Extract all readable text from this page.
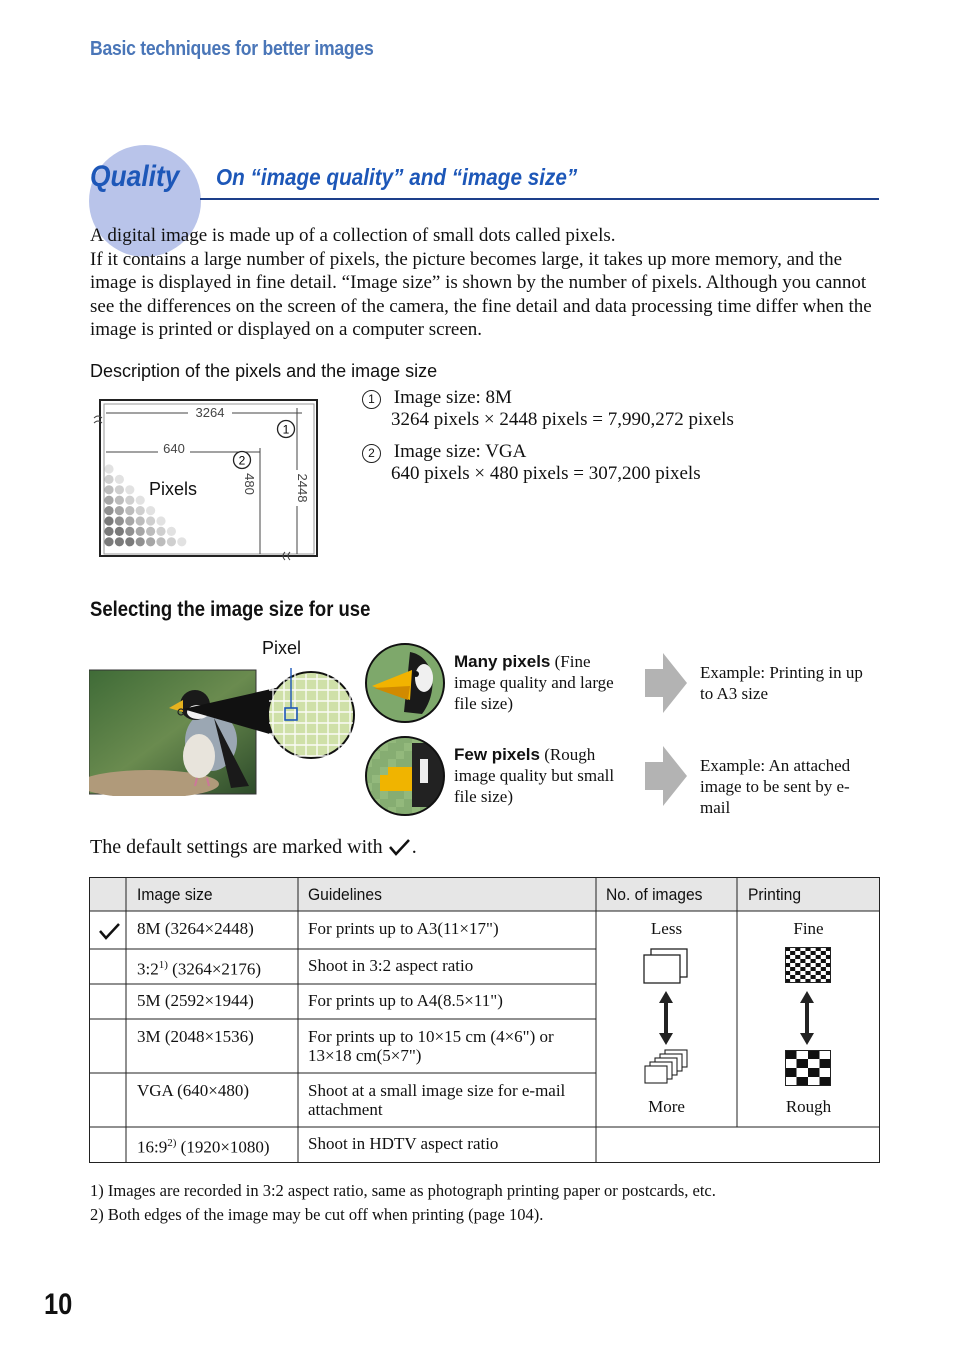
Basic techniques for better images
Quality On “image quality” and “image size”

A digital image is made up of a collection of small dots called pixels.

If it contains a large number of pixels, the picture becomes large, it takes up more memory, and the image is displayed in fine detail. “Image size” is shown by the number of pixels. Although you cannot see the differences on the screen of the camera, the fine detail and data processing time differ when the image is printed or displayed on a computer screen.

Description of the pixels and the image size
3264
640
480	2448
1
2
Pixels
1 Image size: 8M
3264 pixels × 2448 pixels = 7,990,272 pixels
2 Image size: VGA
640 pixels × 480 pixels = 307,200 pixels
Selecting the image size for use
Pixel
Many pixels (Fine image quality and large file size)
Few pixels (Rough image quality but small file size)
Example: Printing in up to A3 size
Example: An attached image to be sent by e-mail
The default settings are marked with .
Image size	Guidelines	No. of images	Printing
8M (3264×2448)	For prints up to A3(11×17")
3:2$^{1)}$ (3264×2176)	Shoot in 3:2 aspect ratio
5M (2592×1944)	For prints up to A4(8.5×11")
3M (2048×1536)	For prints up to 10×15 cm (4×6") or 13×18 cm(5×7")
VGA (640×480)	Shoot at a small image size for e-mail attachment
16:9$^{2)}$ (1920×1080) Shoot in HDTV aspect ratio
Less
More
Fine
Rough
1) Images are recorded in 3:2 aspect ratio, same as photograph printing paper or postcards, etc.
2) Both edges of the image may be cut off when printing (page 104).
10
